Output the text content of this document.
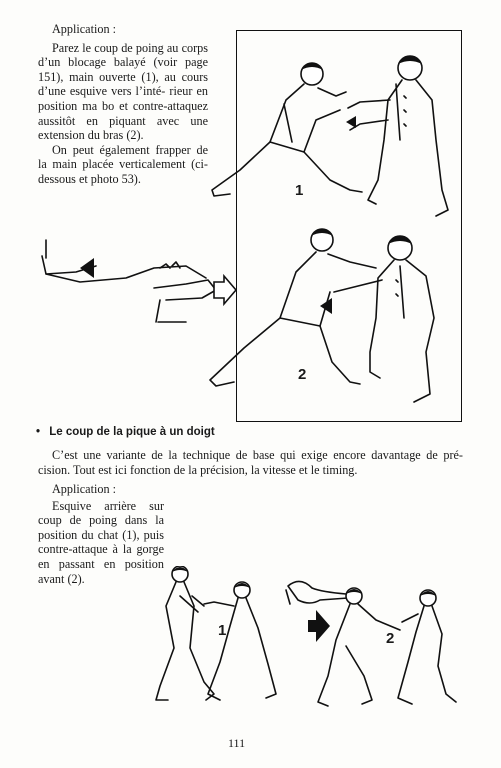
Application :

Parez le coup de poing au corps d’un blocage balayé (voir page 151), main ouverte (1), au cours d’une esquive vers l’inté- rieur en position ma bo et contre-attaquez aussitôt en piquant avec une extension du bras (2).

On peut également frapper de la main placée verticalement (ci-dessous et photo 53).

1
2
• Le coup de la pique à un doigt

C’est une variante de la technique de base qui exige encore davantage de pré- cision. Tout est ici fonction de la précision, la vitesse et le timing.

Application :

Esquive arrière sur coup de poing dans la position du chat (1), puis contre-attaque à la gorge en passant en position avant (2).

1	2
111
